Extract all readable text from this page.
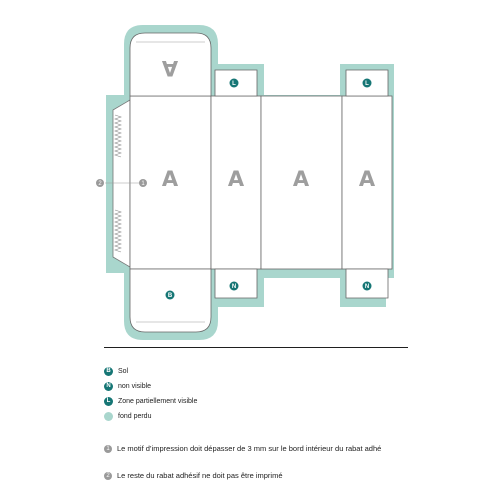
A
A A A A
L	L
N	N
B
2	1
B	Sol
N	non visible
L	Zone partiellement visible
fond perdu
1 Le motif d’impression doit dépasser de 3 mm sur le bord intérieur du rabat adhé
2 Le reste du rabat adhésif ne doit pas être imprimé
